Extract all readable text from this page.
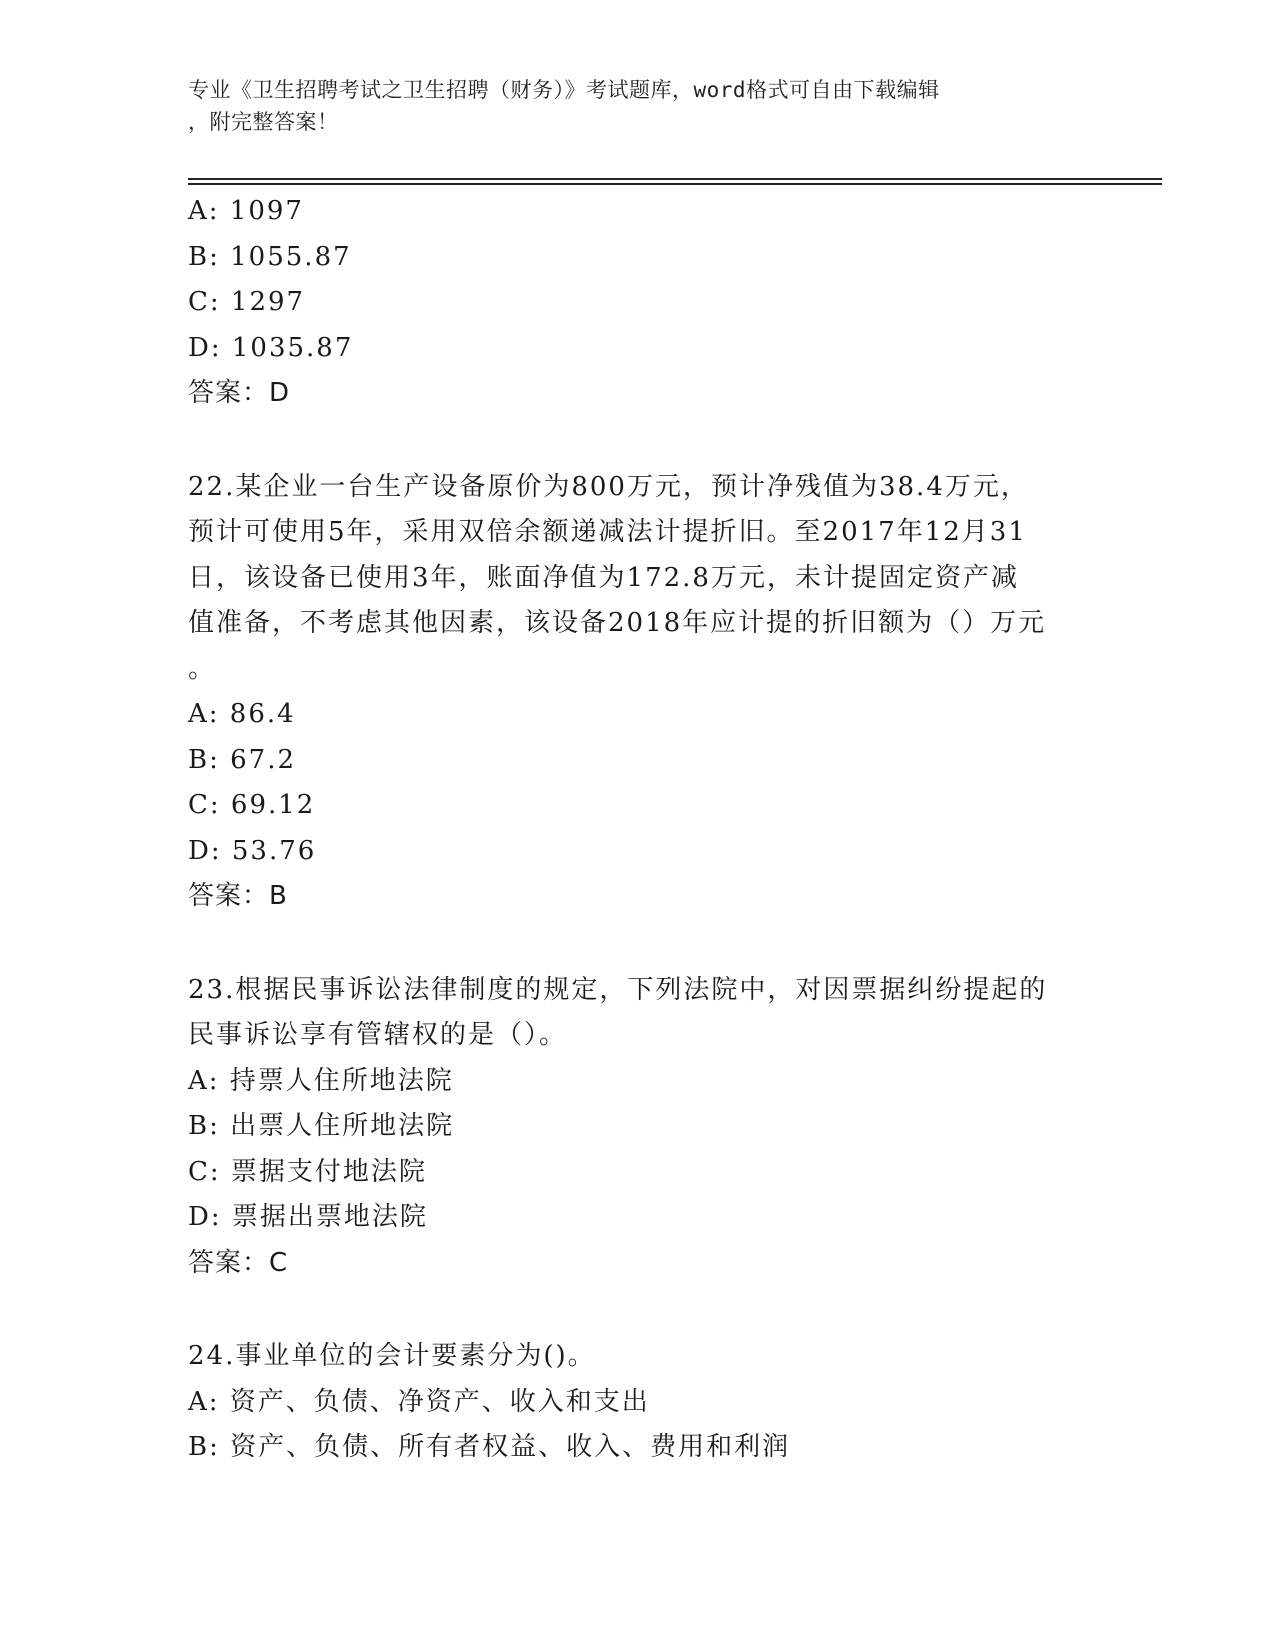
专业《卫生招聘考试之卫生招聘（财务）》考试题库，word格式可自由下载编辑
，附完整答案！
A: 1097
B: 1055.87
C: 1297
D: 1035.87
答案：D
22.某企业一台生产设备原价为800万元，预计净残值为38.4万元，
预计可使用5年，采用双倍余额递减法计提折旧。至2017年12月31
日，该设备已使用3年，账面净值为172.8万元，未计提固定资产减
值准备，不考虑其他因素，该设备2018年应计提的折旧额为（）万元
。
A: 86.4
B: 67.2
C: 69.12
D: 53.76
答案：B
23.根据民事诉讼法律制度的规定，下列法院中，对因票据纠纷提起的
民事诉讼享有管辖权的是（）。
A: 持票人住所地法院
B: 出票人住所地法院
C: 票据支付地法院
D: 票据出票地法院
答案：C
24.事业单位的会计要素分为()。
A: 资产、负债、净资产、收入和支出
B: 资产、负债、所有者权益、收入、费用和利润
